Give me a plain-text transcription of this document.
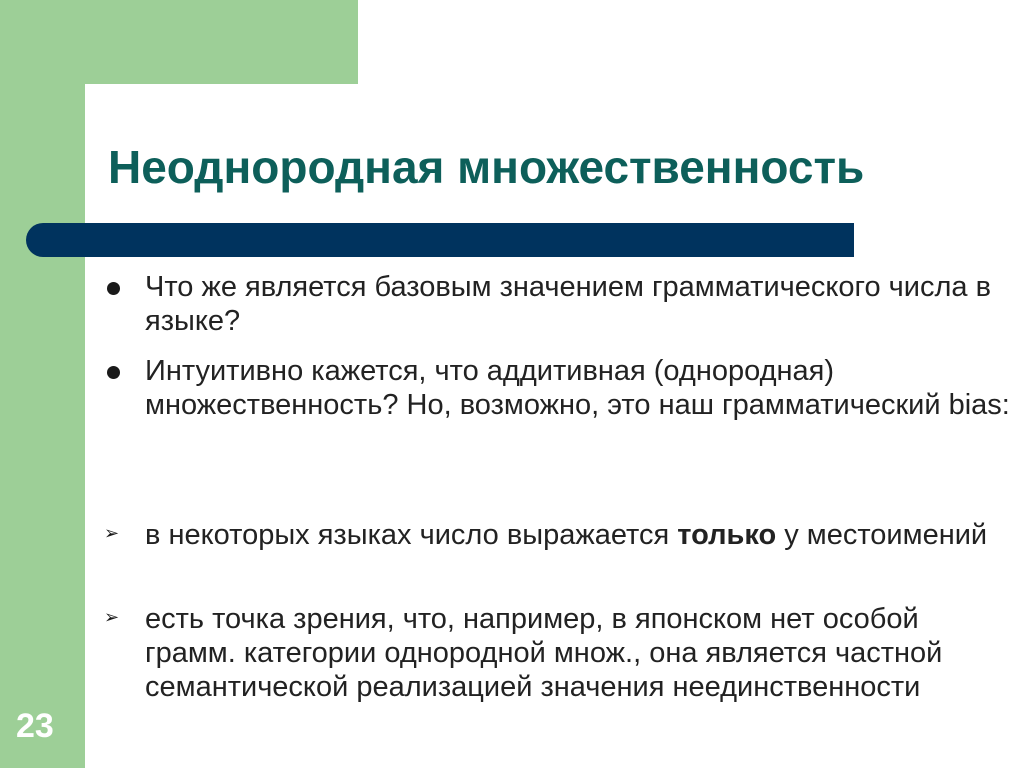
Неоднородная множественность

Что же является базовым значением грамматического числа в языке?

Интуитивно кажется, что аддитивная (однородная) множественность? Но, возможно, это наш грамматический bias:

➢ в некоторых языках число выражается только у местоимений

➢ есть точка зрения, что, например, в японском нет особой грамм. категории однородной множ., она является частной семантической реализацией значения неединственности

23
